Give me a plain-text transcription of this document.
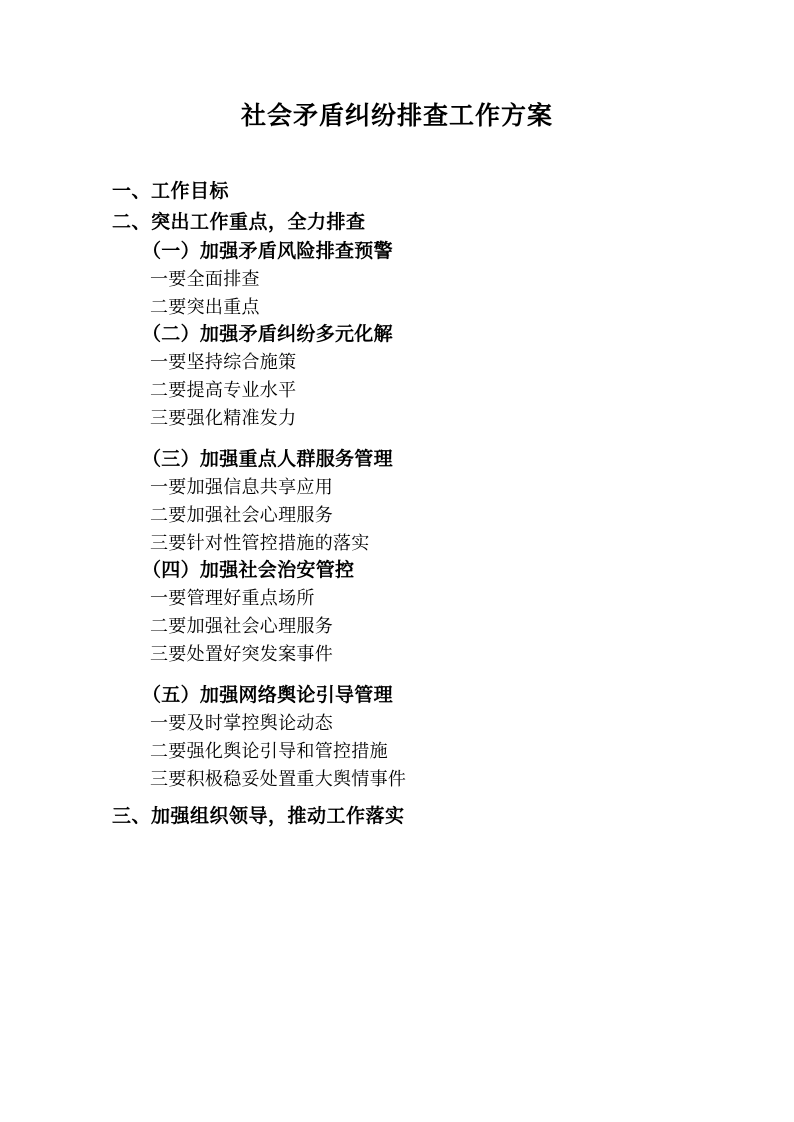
社会矛盾纠纷排查工作方案
一、工作目标
二、突出工作重点，全力排查
（一）加强矛盾风险排查预警
一要全面排查
二要突出重点
（二）加强矛盾纠纷多元化解
一要坚持综合施策
二要提高专业水平
三要强化精准发力
（三）加强重点人群服务管理
一要加强信息共享应用
二要加强社会心理服务
三要针对性管控措施的落实
（四）加强社会治安管控
一要管理好重点场所
二要加强社会心理服务
三要处置好突发案事件
（五）加强网络舆论引导管理
一要及时掌控舆论动态
二要强化舆论引导和管控措施
三要积极稳妥处置重大舆情事件
三、加强组织领导，推动工作落实
